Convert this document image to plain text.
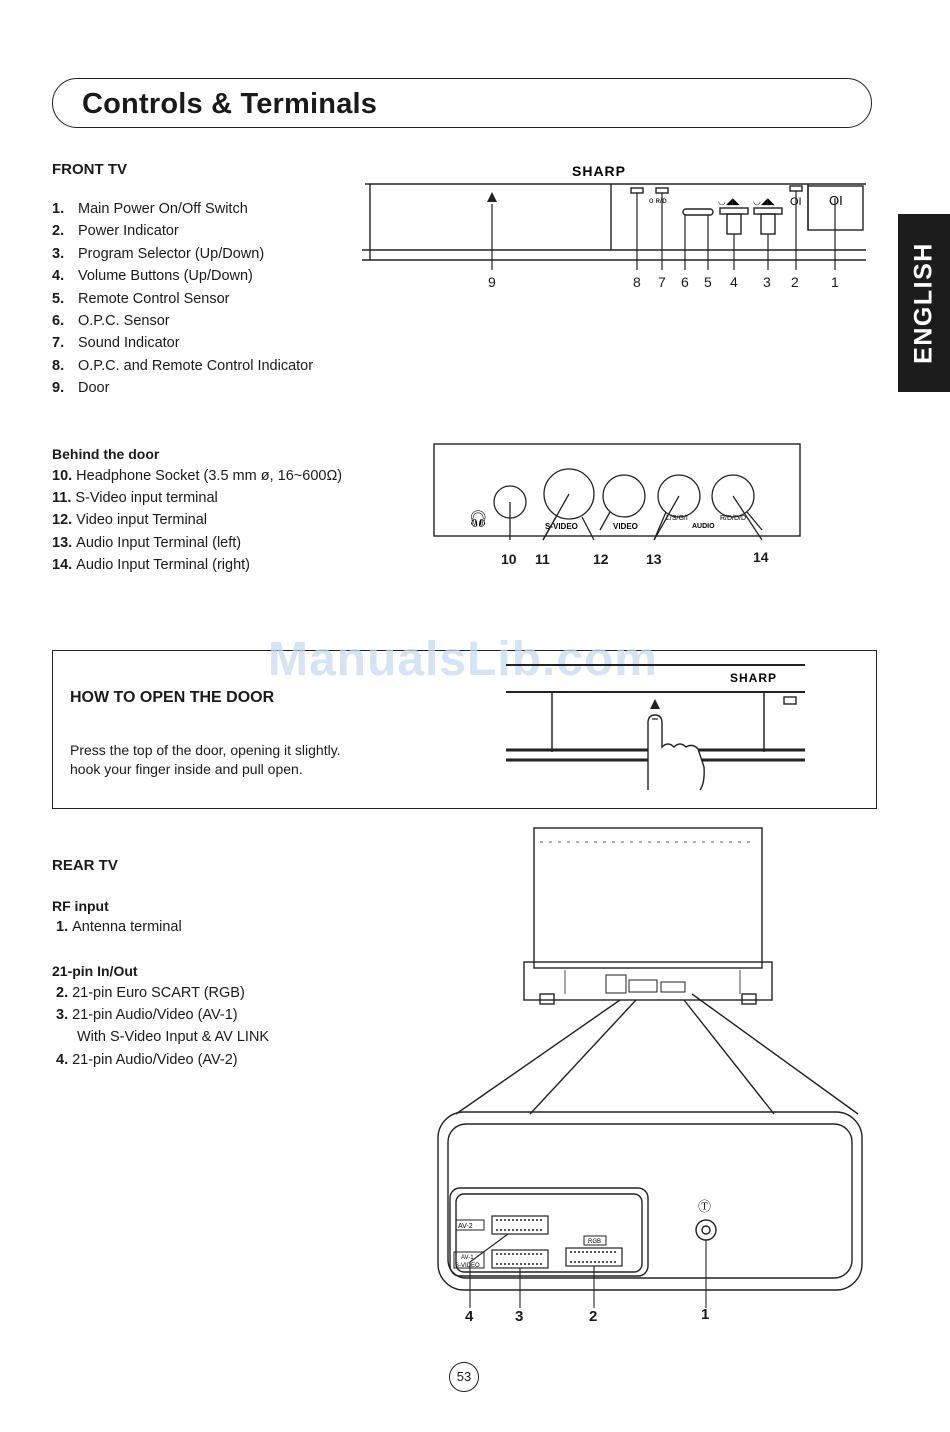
Controls & Terminals
ENGLISH
FRONT TV
1. Main Power On/Off Switch
2. Power Indicator
3. Program Selector (Up/Down)
4. Volume Buttons (Up/Down)
5. Remote Control Sensor
6. O.P.C. Sensor
7. Sound Indicator
8. O.P.C. and Remote Control Indicator
9. Door
SHARP
ᴏ ʀ/ᴅ	◡◢◣ ◡◢◣ OI OI
9	8 7 6 5 4 3 2 1
Behind the door
10. Headphone Socket (3.5 mm ø, 16~600Ω)
11. S-Video input terminal
12. Video input Terminal
13. Audio Input Terminal (left)
14. Audio Input Terminal (right)
🎧︎	S-VIDEO	VIDEO
L/S/G/I	R/D/D/D
AUDIO
10 11	12	13	14
ManualsLib.com
HOW TO OPEN THE DOOR
Press the top of the door, opening it slightly.
hook your finger inside and pull open.
SHARP
REAR TV
RF input
1. Antenna terminal
21-pin In/Out
2. 21-pin Euro SCART (RGB)
3. 21-pin Audio/Video (AV-1)
With S-Video Input & AV LINK
4. 21-pin Audio/Video (AV-2)
AV-2
AV-1
S-VIDEO
RGB
Ⓣ
4	3	2	1
53
